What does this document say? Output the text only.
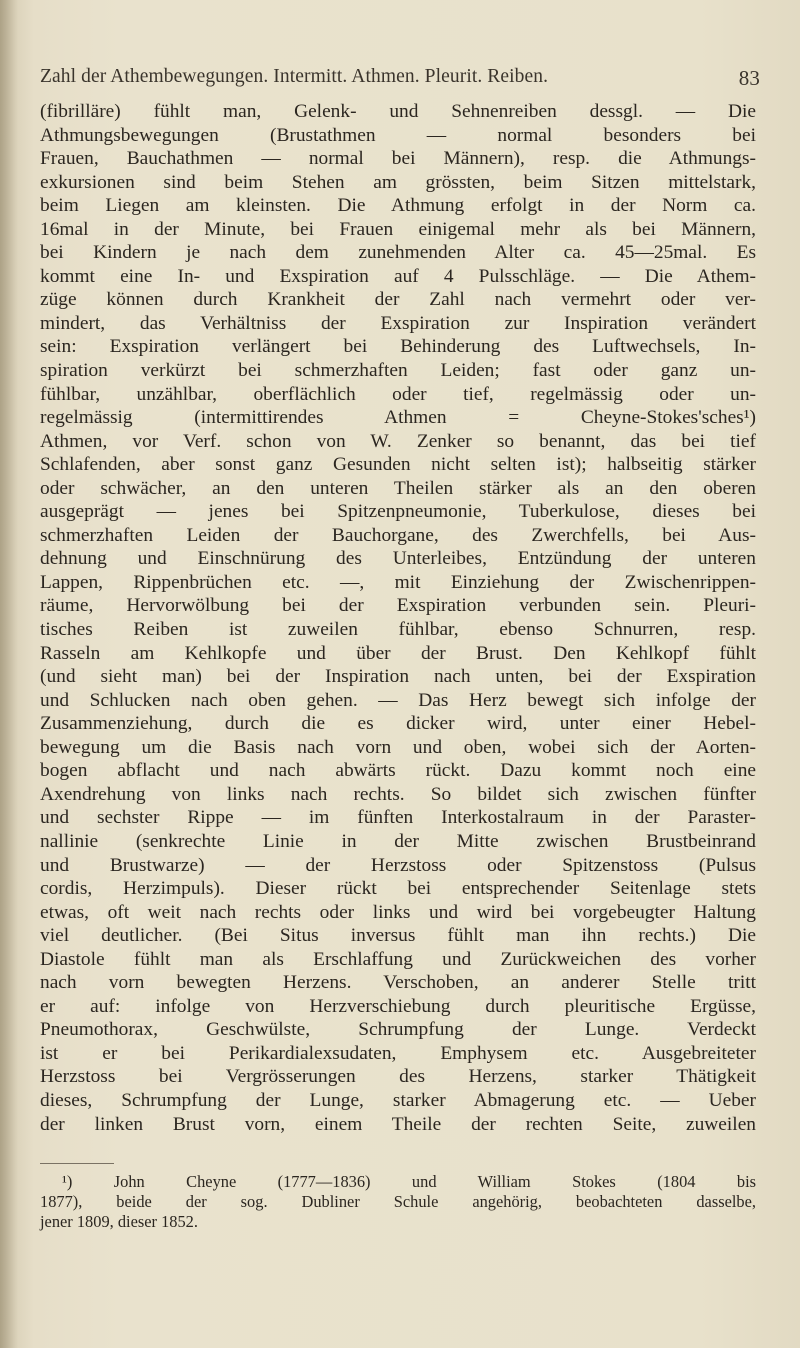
Zahl der Athembewegungen. Intermitt. Athmen. Pleurit. Reiben.	83
(fibrilläre) fühlt man, Gelenk- und Sehnenreiben dessgl. — Die
Athmungsbewegungen (Brustathmen — normal besonders bei
Frauen, Bauchathmen — normal bei Männern), resp. die Athmungs-
exkursionen sind beim Stehen am grössten, beim Sitzen mittelstark,
beim Liegen am kleinsten. Die Athmung erfolgt in der Norm ca.
16mal in der Minute, bei Frauen einigemal mehr als bei Männern,
bei Kindern je nach dem zunehmenden Alter ca. 45—25mal. Es
kommt eine In- und Exspiration auf 4 Pulsschläge. — Die Athem-
züge können durch Krankheit der Zahl nach vermehrt oder ver-
mindert, das Verhältniss der Exspiration zur Inspiration verändert
sein: Exspiration verlängert bei Behinderung des Luftwechsels, In-
spiration verkürzt bei schmerzhaften Leiden; fast oder ganz un-
fühlbar, unzählbar, oberflächlich oder tief, regelmässig oder un-
regelmässig (intermittirendes Athmen = Cheyne-Stokes'sches¹)
Athmen, vor Verf. schon von W. Zenker so benannt, das bei tief
Schlafenden, aber sonst ganz Gesunden nicht selten ist); halbseitig stärker
oder schwächer, an den unteren Theilen stärker als an den oberen
ausgeprägt — jenes bei Spitzenpneumonie, Tuberkulose, dieses bei
schmerzhaften Leiden der Bauchorgane, des Zwerchfells, bei Aus-
dehnung und Einschnürung des Unterleibes, Entzündung der unteren
Lappen, Rippenbrüchen etc. —, mit Einziehung der Zwischenrippen-
räume, Hervorwölbung bei der Exspiration verbunden sein. Pleuri-
tisches Reiben ist zuweilen fühlbar, ebenso Schnurren, resp.
Rasseln am Kehlkopfe und über der Brust. Den Kehlkopf fühlt
(und sieht man) bei der Inspiration nach unten, bei der Exspiration
und Schlucken nach oben gehen. — Das Herz bewegt sich infolge der
Zusammenziehung, durch die es dicker wird, unter einer Hebel-
bewegung um die Basis nach vorn und oben, wobei sich der Aorten-
bogen abflacht und nach abwärts rückt. Dazu kommt noch eine
Axendrehung von links nach rechts. So bildet sich zwischen fünfter
und sechster Rippe — im fünften Interkostalraum in der Paraster-
nallinie (senkrechte Linie in der Mitte zwischen Brustbeinrand
und Brustwarze) — der Herzstoss oder Spitzenstoss (Pulsus
cordis, Herzimpuls). Dieser rückt bei entsprechender Seitenlage stets
etwas, oft weit nach rechts oder links und wird bei vorgebeugter Haltung
viel deutlicher. (Bei Situs inversus fühlt man ihn rechts.) Die
Diastole fühlt man als Erschlaffung und Zurückweichen des vorher
nach vorn bewegten Herzens. Verschoben, an anderer Stelle tritt
er auf: infolge von Herzverschiebung durch pleuritische Ergüsse,
Pneumothorax, Geschwülste, Schrumpfung der Lunge. Verdeckt
ist er bei Perikardialexsudaten, Emphysem etc. Ausgebreiteter
Herzstoss bei Vergrösserungen des Herzens, starker Thätigkeit
dieses, Schrumpfung der Lunge, starker Abmagerung etc. — Ueber
der linken Brust vorn, einem Theile der rechten Seite, zuweilen
¹) John Cheyne (1777—1836) und William Stokes (1804 bis
1877), beide der sog. Dubliner Schule angehörig, beobachteten dasselbe,
jener 1809, dieser 1852.
